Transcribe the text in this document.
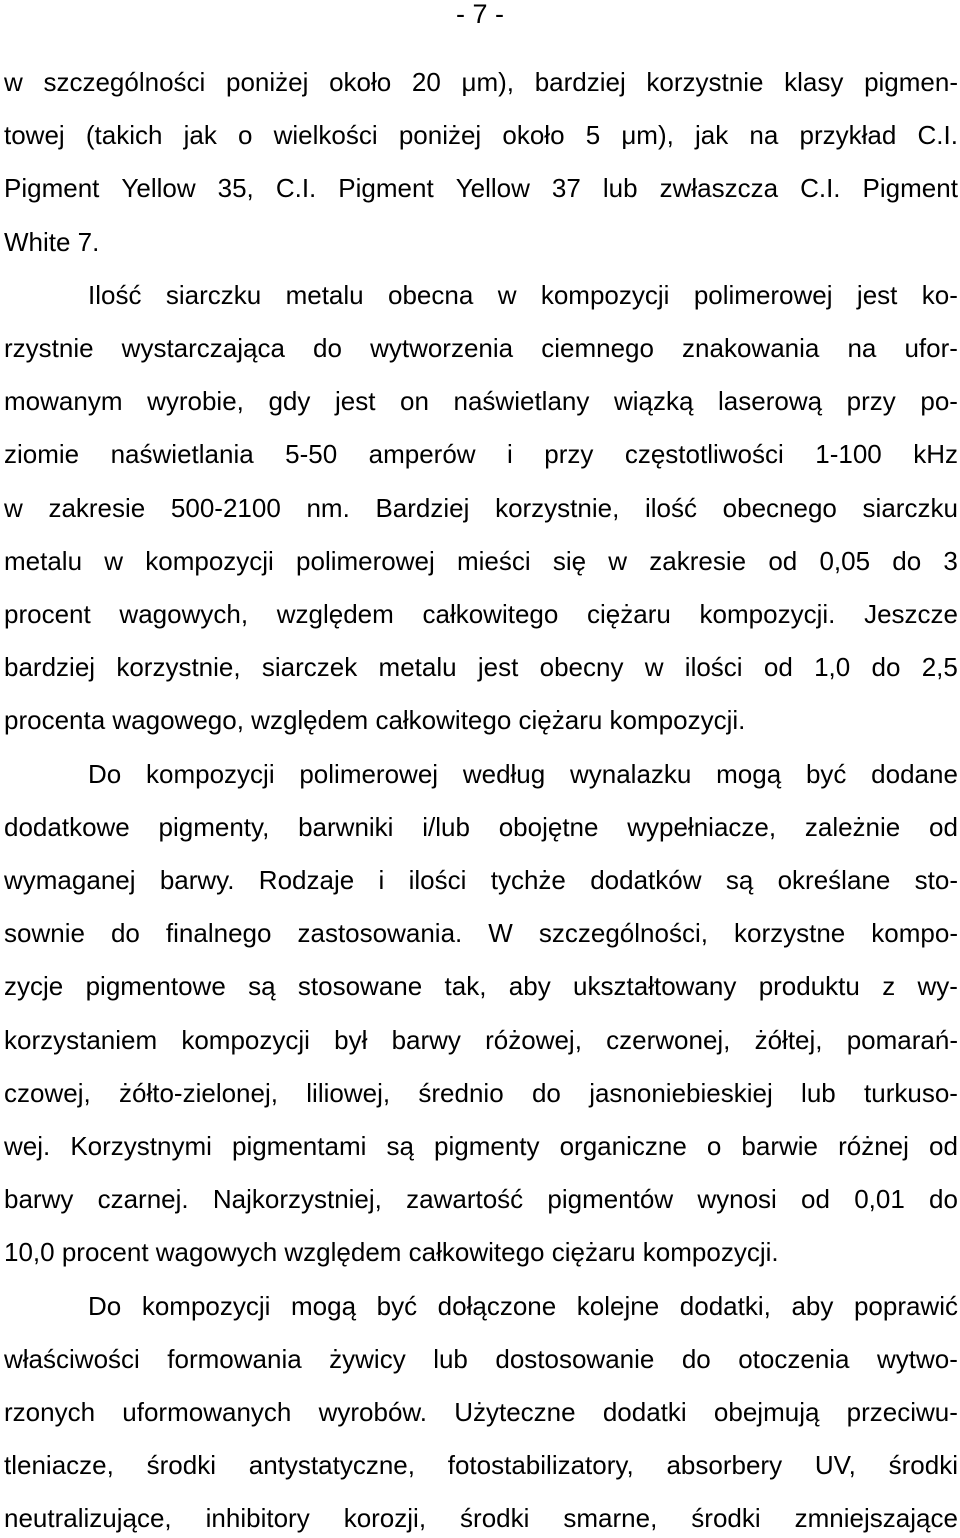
- 7 -

w szczególności poniżej około 20 μm), bardziej korzystnie klasy pigmen-
towej (takich jak o wielkości poniżej około 5 μm), jak na przykład C.I.
Pigment Yellow 35, C.I. Pigment Yellow 37 lub zwłaszcza C.I. Pigment
White 7.
Ilość siarczku metalu obecna w kompozycji polimerowej jest ko-
rzystnie wystarczająca do wytworzenia ciemnego znakowania na ufor-
mowanym wyrobie, gdy jest on naświetlany wiązką laserową przy po-
ziomie naświetlania 5-50 amperów i przy częstotliwości 1-100 kHz
w zakresie 500-2100 nm. Bardziej korzystnie, ilość obecnego siarczku
metalu w kompozycji polimerowej mieści się w zakresie od 0,05 do 3
procent wagowych, względem całkowitego ciężaru kompozycji. Jeszcze
bardziej korzystnie, siarczek metalu jest obecny w ilości od 1,0 do 2,5
procenta wagowego, względem całkowitego ciężaru kompozycji.
Do kompozycji polimerowej według wynalazku mogą być dodane
dodatkowe pigmenty, barwniki i/lub obojętne wypełniacze, zależnie od
wymaganej barwy. Rodzaje i ilości tychże dodatków są określane sto-
sownie do finalnego zastosowania. W szczególności, korzystne kompo-
zycje pigmentowe są stosowane tak, aby ukształtowany produktu z wy-
korzystaniem kompozycji był barwy różowej, czerwonej, żółtej, pomarań-
czowej, żółto-zielonej, liliowej, średnio do jasnoniebieskiej lub turkuso-
wej. Korzystnymi pigmentami są pigmenty organiczne o barwie różnej od
barwy czarnej. Najkorzystniej, zawartość pigmentów wynosi od 0,01 do
10,0 procent wagowych względem całkowitego ciężaru kompozycji.
Do kompozycji mogą być dołączone kolejne dodatki, aby poprawić
właściwości formowania żywicy lub dostosowanie do otoczenia wytwo-
rzonych uformowanych wyrobów. Użyteczne dodatki obejmują przeciwu-
tleniacze, środki antystatyczne, fotostabilizatory, absorbery UV, środki
neutralizujące, inhibitory korozji, środki smarne, środki zmniejszające
